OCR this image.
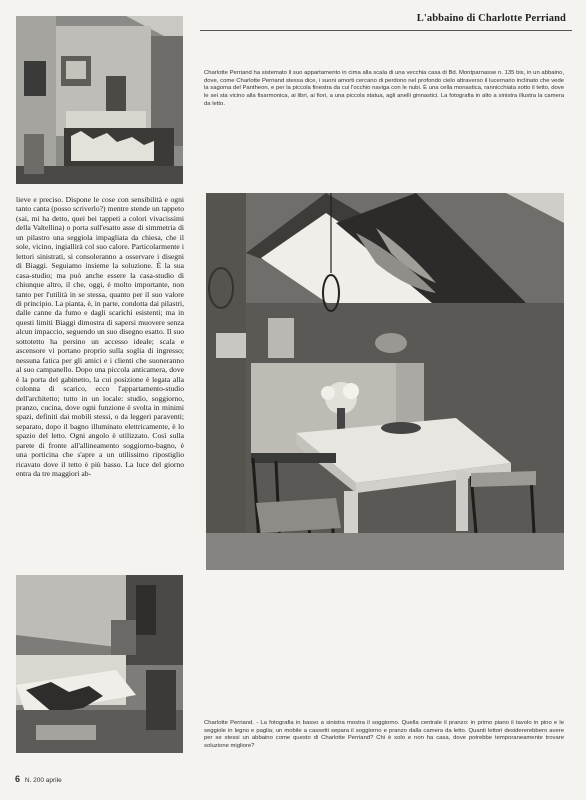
L'abbaino di Charlotte Perriand
Charlotte Perriand ha sistemato il suo appartamento in cima alla scala di una vecchia casa di Bd. Montparnasse n. 135 bis, in un abbaino, dove, come Charlotte Perriand stessa dice, i suoni amorti cercano di perdono nel profondo cielo attraverso il lucernario inclinato che vede la sagoma del Pantheon, e per la piccola finestra da cui l'occhio naviga con le nubi. È una cella monastica, rannicchiata sotto il tetto, dove le sei sta vicino alla fisarmonica, ai libri, ai fiori, a una piccola statua, agli anelli ginnastici. La fotografia in alto a sinistra illustra la camera da letto.
lieve e preciso. Dispone le cose con sensibilità e ogni tanto canta (posso scriverlo?) mentre stende un tappeto (sai, mi ha detto, quei bei tappeti a colori vivacissimi della Valtellina) o porta sull'esatto asse di simmetria di un pilastro una seggiola impagliata da chiesa, che il sole, vicino, ingiallirà col suo calore. Particolarmente i lettori sinistrati, si consoleranno a osservare i disegni di Biaggi. Seguiamo insieme la soluzione. È la sua casa-studio; ma può anche essere la casa-studio di chiunque altro, il che, oggi, è molto importante, non tanto per l'utilità in se stessa, quanto per il suo valore di principio. La pianta, è, in parte, condotta dai pilastri, dalle canne da fumo e dagli scarichi esistenti; ma in questi limiti Biaggi dimostra di sapersi muovere senza alcun impaccio, seguendo un suo disegno esatto. Il suo sottotetto ha persino un accesso ideale; scala e ascensore vi portano proprio sulla soglia di ingresso; nessuna fatica per gli amici e i clienti che suoneranno al suo campanello. Dopo una piccola anticamera, dove è la porta del gabinetto, la cui posizione è legata alla colonna di scarico, ecco l'appartamento-studio dell'architetto; tutto in un locale: studio, soggiorno, pranzo, cucina, dove ogni funzione è svolta in minimi spazi, definiti dai mobili stessi, o da leggeri paraventi; separato, dopo il bagno illuminato elettricamente, è lo spazio del letto. Ogni angolo è utilizzato. Così sulla parete di fronte all'allineamento soggiorno-bagno, è una porticina che s'apre a un utilissimo ripostiglio ricavato dove il tetto è più basso. La luce del giorno entra da tre maggiori ab-
Charlotte Perriand. - La fotografia in basso a sinistra mostra il soggiorno. Quella centrale il pranzo: in primo piano il tavolo in pino e le seggiole in legno e paglia; un mobile a cassetti separa il soggiorno e pranzo dalla camera da letto. Quanti lettori desidererebbero avere per se stessi un abbaino come questo di Charlotte Perriand? Chi è solo e non ha casa, dove potrebbe temporaneamente trovare soluzione migliore?
6 N. 200 aprile
